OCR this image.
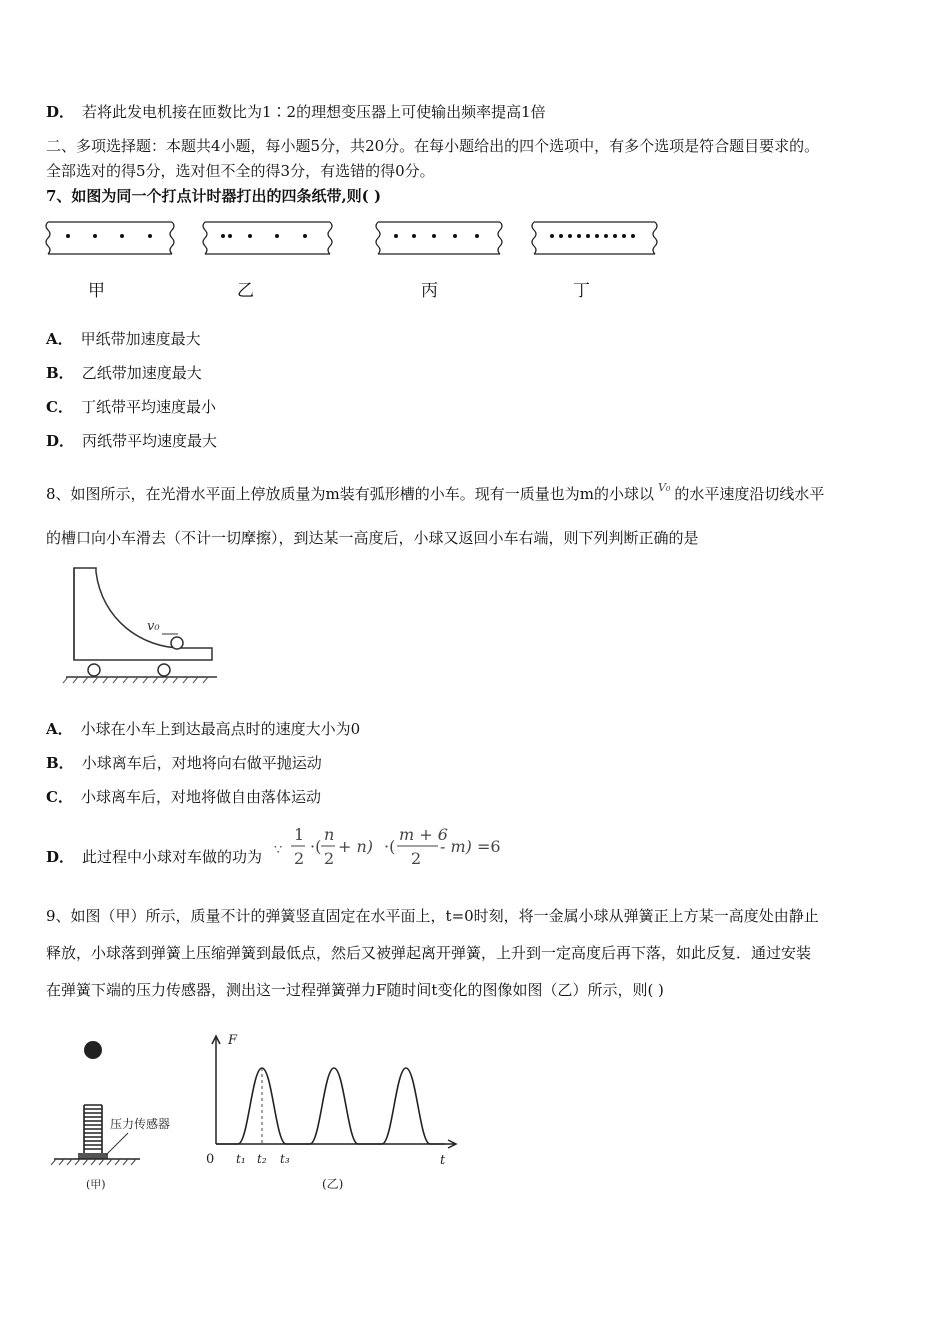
D． 若将此发电机接在匝数比为1∶2的理想变压器上可使输出频率提高1倍
二、多项选择题：本题共4小题，每小题5分，共20分。在每小题给出的四个选项中，有多个选项是符合题目要求的。
全部选对的得5分，选对但不全的得3分，有选错的得0分。
7、如图为同一个打点计时器打出的四条纸带,则( )
甲	乙	丙	丁
A． 甲纸带加速度最大
B． 乙纸带加速度最大
C． 丁纸带平均速度最小
D． 丙纸带平均速度最大
8、如图所示，在光滑水平面上停放质量为m装有弧形槽的小车。现有一质量也为m的小球以 $^{V_0}$ 的水平速度沿切线水平
的槽口向小车滑去（不计一切摩擦），到达某一高度后，小球又返回小车右端，则下列判断正确的是
v₀
A． 小球在小车上到达最高点时的速度大小为0
B． 小球离车后，对地将向右做平抛运动
C． 小球离车后，对地将做自由落体运动
D． 此过程中小球对车做的功为 ∵
1
2
·(
n
2
+ n) ·(
m + 6
2
- m) =6
9、如图（甲）所示，质量不计的弹簧竖直固定在水平面上，t=0时刻，将一金属小球从弹簧正上方某一高度处由静止
释放，小球落到弹簧上压缩弹簧到最低点，然后又被弹起离开弹簧，上升到一定高度后再下落，如此反复．通过安装
在弹簧下端的压力传感器，测出这一过程弹簧弹力F随时间t变化的图像如图（乙）所示，则( )
压力传感器
(甲)
F
t
0 t₁ t₂ t₃
(乙)
